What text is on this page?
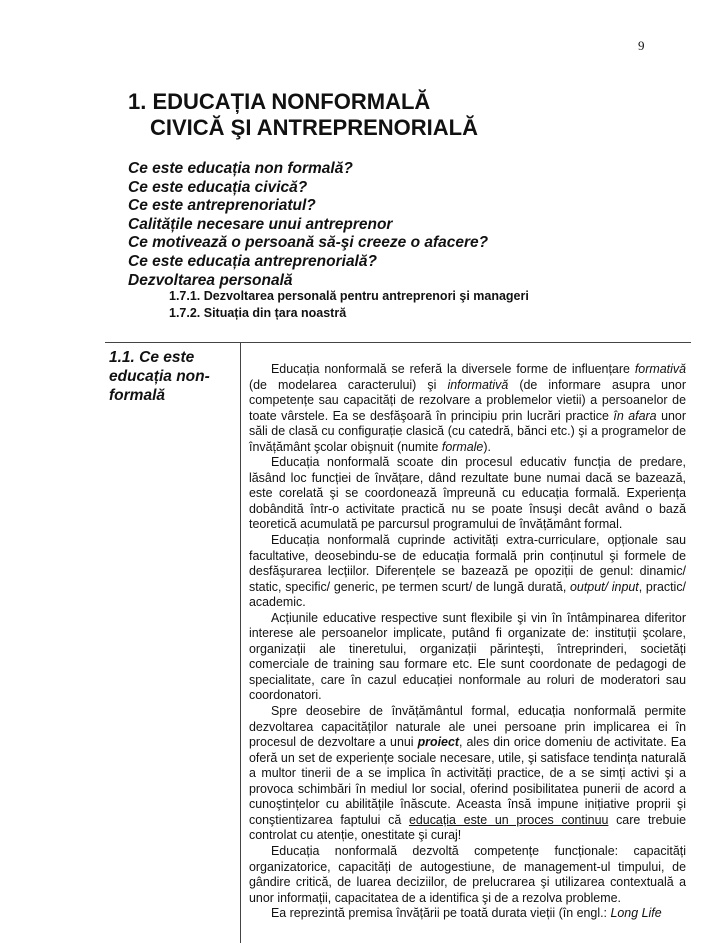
9
1. EDUCAȚIA NONFORMALĂ
CIVICĂ ŞI ANTREPRENORIALĂ
Ce este educația non formală?
Ce este educația civică?
Ce este antreprenoriatul?
Calitățile necesare unui antreprenor
Ce motivează o persoană să-şi creeze o afacere?
Ce este educația antreprenorială?
Dezvoltarea personală
1.7.1. Dezvoltarea personală pentru antreprenori şi manageri
1.7.2. Situația din țara noastră
1.1. Ce este
educația non-
formală

Educația nonformală se referă la diversele forme de influențare formativă (de modelarea caracterului) şi informativă (de informare asupra unor competențe sau capacități de rezolvare a problemelor vietii) a persoanelor de toate vârstele. Ea se desfăşoară în principiu prin lucrări practice în afara unor săli de clasă cu configurație clasică (cu catedră, bănci etc.) şi a programelor de învățământ şcolar obişnuit (numite formale).

Educația nonformală scoate din procesul educativ funcția de predare, lăsând loc funcției de învățare, dând rezultate bune numai dacă se bazează, este corelată şi se coordonează împreună cu educația formală. Experiența dobândită într-o activitate practică nu se poate însuşi decât având o bază teoretică acumulată pe parcursul programului de învățământ formal.

Educația nonformală cuprinde activități extra-curriculare, opționale sau facultative, deosebindu-se de educația formală prin conținutul şi formele de desfăşurarea lecțiilor. Diferențele se bazează pe opoziții de genul: dinamic/ static, specific/ generic, pe termen scurt/ de lungă durată, output/ input, practic/ academic.

Acțiunile educative respective sunt flexibile şi vin în întâmpinarea diferitor interese ale persoanelor implicate, putând fi organizate de: instituții şcolare, organizații ale tineretului, organizații părinteşti, întreprinderi, societăți comerciale de training sau formare etc. Ele sunt coordonate de pedagogi de specialitate, care în cazul educației nonformale au roluri de moderatori sau coordonatori.

Spre deosebire de învățământul formal, educația nonformală permite dezvoltarea capacităților naturale ale unei persoane prin implicarea ei în procesul de dezvoltare a unui proiect, ales din orice domeniu de activitate. Ea oferă un set de experiențe sociale necesare, utile, şi satisface tendința naturală a multor tinerii de a se implica în activități practice, de a se simți activi şi a provoca schimbări în mediul lor social, oferind posibilitatea punerii de acord a cunoştințelor cu abilitățile înăscute. Aceasta însă impune inițiative proprii şi conştientizarea faptului că educația este un proces continuu care trebuie controlat cu atenție, onestitate şi curaj!

Educația nonformală dezvoltă competențe funcționale: capacități organizatorice, capacități de autogestiune, de management-ul timpului, de gândire critică, de luarea deciziilor, de prelucrarea şi utilizarea contextuală a unor informații, capacitatea de a identifica şi de a rezolva probleme.

Ea reprezintă premisa învățării pe toată durata vieții (în engl.: Long Life
